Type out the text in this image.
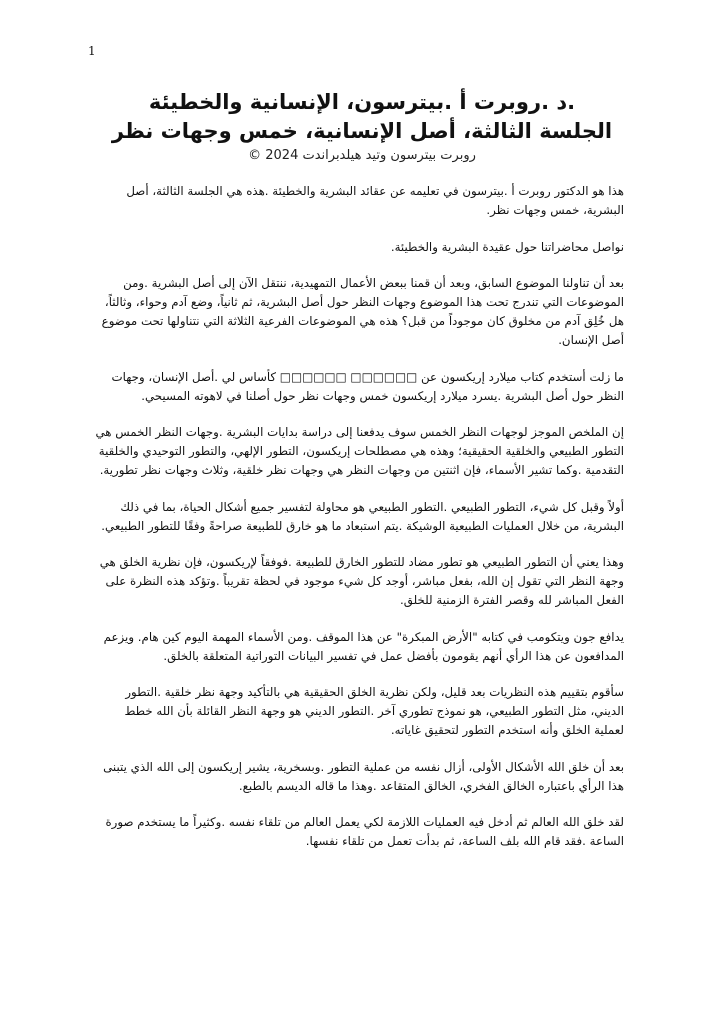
1
.د .روبرت أ .بيترسون، الإنسانية والخطيئة
الجلسة الثالثة، أصل الإنسانية، خمس وجهات نظر
روبرت بيترسون وتيد هيلدبراندت 2024 ©

هذا هو الدكتور روبرت أ .بيترسون في تعليمه عن عقائد البشرية والخطيئة .هذه هي الجلسة الثالثة، أصل البشرية، خمس وجهات نظر.

نواصل محاضراتنا حول عقيدة البشرية والخطيئة.

بعد أن تناولنا الموضوع السابق، وبعد أن قمنا ببعض الأعمال التمهيدية، ننتقل الآن إلى أصل البشرية .ومن الموضوعات التي تندرج تحت هذا الموضوع وجهات النظر حول أصل البشرية، ثم ثانياً، وضع آدم وحواء، وثالثاً، هل خُلِق آدم من مخلوق كان موجوداً من قبل؟ هذه هي الموضوعات الفرعية الثلاثة التي نتناولها تحت موضوع أصل الإنسان.

ما زلت أستخدم كتاب ميلارد إريكسون عن □□□□□□ □□□□□□ كأساس لي .أصل الإنسان، وجهات النظر حول أصل البشرية .يسرد ميلارد إريكسون خمس وجهات نظر حول أصلنا في لاهوته المسيحي.

إن الملخص الموجز لوجهات النظر الخمس سوف يدفعنا إلى دراسة بدايات البشرية .وجهات النظر الخمس هي التطور الطبيعي والخلقية الحقيقية؛ وهذه هي مصطلحات إريكسون، التطور الإلهي، والتطور التوحيدي والخلقية التقدمية .وكما تشير الأسماء، فإن اثنتين من وجهات النظر هي وجهات نظر خلقية، وثلاث وجهات نظر تطورية.

أولاً وقبل كل شيء، التطور الطبيعي .التطور الطبيعي هو محاولة لتفسير جميع أشكال الحياة، بما في ذلك البشرية، من خلال العمليات الطبيعية الوشيكة .يتم استبعاد ما هو خارق للطبيعة صراحةً وفقًا للتطور الطبيعي.

وهذا يعني أن التطور الطبيعي هو تطور مضاد للتطور الخارق للطبيعة .فوفقاً لإريكسون، فإن نظرية الخلق هي وجهة النظر التي تقول إن الله، بفعل مباشر، أوجد كل شيء موجود في لحظة تقريباً .وتؤكد هذه النظرة على الفعل المباشر لله وقصر الفترة الزمنية للخلق.

يدافع جون ويتكومب في كتابه "الأرض المبكرة" عن هذا الموقف .ومن الأسماء المهمة اليوم كين هام. ويزعم المدافعون عن هذا الرأي أنهم يقومون بأفضل عمل في تفسير البيانات التوراتية المتعلقة بالخلق.

سأقوم بتقييم هذه النظريات بعد قليل، ولكن نظرية الخلق الحقيقية هي بالتأكيد وجهة نظر خلقية .التطور الديني، مثل التطور الطبيعي، هو نموذج تطوري آخر .التطور الديني هو وجهة النظر القائلة بأن الله خطط لعملية الخلق وأنه استخدم التطور لتحقيق غاياته.

بعد أن خلق الله الأشكال الأولى، أزال نفسه من عملية التطور .وبسخرية، يشير إريكسون إلى الله الذي يتبنى هذا الرأي باعتباره الخالق الفخري، الخالق المتقاعد .وهذا ما قاله الديسم بالطبع.

لقد خلق الله العالم ثم أدخل فيه العمليات اللازمة لكي يعمل العالم من تلقاء نفسه .وكثيراً ما يستخدم صورة الساعة .فقد قام الله بلف الساعة، ثم بدأت تعمل من تلقاء نفسها.
